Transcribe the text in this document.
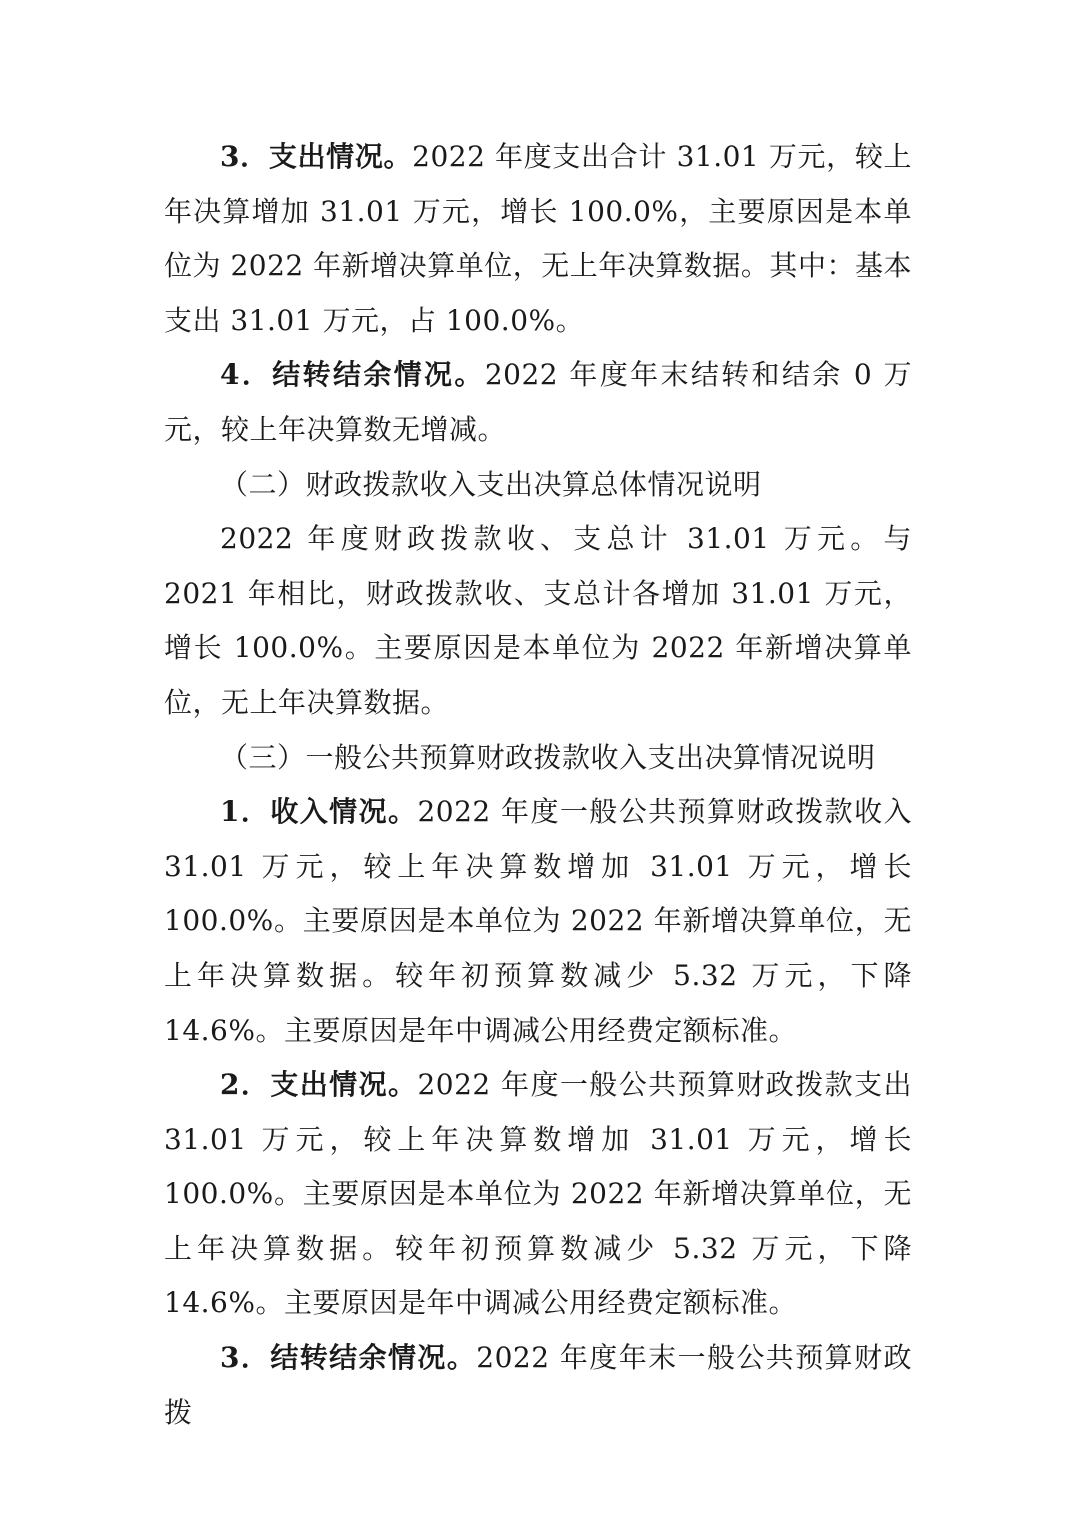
3．支出情况。2022 年度支出合计 31.01 万元，较上年决算增加 31.01 万元，增长 100.0%，主要原因是本单位为 2022 年新增决算单位，无上年决算数据。其中：基本支出 31.01 万元，占 100.0%。

4．结转结余情况。2022 年度年末结转和结余 0 万元，较上年决算数无增减。

（二）财政拨款收入支出决算总体情况说明

2022 年度财政拨款收、支总计 31.01 万元。与 2021 年相比，财政拨款收、支总计各增加 31.01 万元，增长 100.0%。主要原因是本单位为 2022 年新增决算单位，无上年决算数据。

（三）一般公共预算财政拨款收入支出决算情况说明

1．收入情况。2022 年度一般公共预算财政拨款收入 31.01 万元，较上年决算数增加 31.01 万元，增长 100.0%。主要原因是本单位为 2022 年新增决算单位，无上年决算数据。较年初预算数减少 5.32 万元，下降 14.6%。主要原因是年中调减公用经费定额标准。

2．支出情况。2022 年度一般公共预算财政拨款支出 31.01 万元，较上年决算数增加 31.01 万元，增长 100.0%。主要原因是本单位为 2022 年新增决算单位，无上年决算数据。较年初预算数减少 5.32 万元，下降 14.6%。主要原因是年中调减公用经费定额标准。

3．结转结余情况。2022 年度年末一般公共预算财政拨
